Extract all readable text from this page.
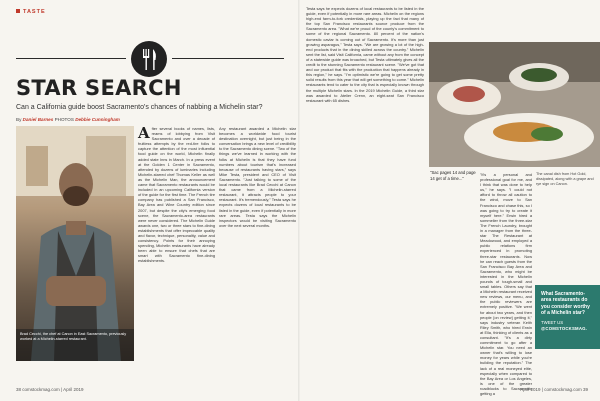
TASTE
STAR SEARCH
Can a California guide boost Sacramento's chances of nabbing a Michelin star?
By Daniel Barnes PHOTOS Debbie Cunningham
Brad Cecchi, the chef at Canon in East Sacramento, previously worked at a Michelin-starred restaurant.
A fter several books of names, lists, reams of lobbying from Visit Sacramento and over a decade of fruitless attempts by the red-tire folks to capture the attention of the most influential food guide on the world, Michelin finally added state Inns in March. In a press event at the Golden 1 Center in Sacramento, attended by dozens of luminaries including Michelin-starred chef Thomas Keller as well as the Michelin Man, the announcement came that Sacramento restaurants would be included in an upcoming California version of the guide for the first time. The French tire company has published a San Francisco, Bay Area and Wine Country edition since 2007, but despite the city's emerging food scene, the Sacramento-area restaurants were never considered. The Michelin Guide awards one, two or three stars to fine-dining establishments that offer impeccable quality and flavor, technique, personality, value and consistency. Points for their annoying spending, Michelin restaurants have already been able to ensure that chefs that are smart with Sacramento fine-dining establishments.
Any restaurant awarded a Michelin star becomes a worldwide food tourist destination overnight, but just being in the conversation brings a new level of credibility to the Sacramento dining scene. "Two of the things we've learned in working with the folks at Michelin is that they have fund numbers about tourism that's increased because of restaurants having stars," says Mike Testa, president and CEO of Visit Sacramento. "Just talking to some of the local restaurants like Brad Cecchi at Canon that came from a Michelin-starred restaurant, it attracts people to your restaurant. It's tremendously," Testa says he expects dozens of local restaurants to be listed in the guide, even if potentially in more rare areas. Testa says the Michelin inspectors would be visiting Sacramento over the next several months.
38 comstockmag.com | April 2019
Testa says he expects dozens of local restaurants to be listed in the guide, even if potentially in more rare areas. Michelin on the regions high-end farm-to-fork credentials, playing up the fact that many of the top San Francisco restaurants source produce from the Sacramento area. "What we're proud of the county's commitment to some of the regional Sacramento. 80 percent of the nation's domestic caviar is coming out of Sacramento. It's more than just growing asparagus," Testa says. "We are growing a lot of the high-end products that in the dining skilled across the country." Michelin sent the list, said Visit California, came without any from the concept of a statewide guide was broached, but Testa ultimately gives all the credit to the stunning Sacramento restaurant scene. "We've got that and our product that fits with the production that happens already in this region," he says. "I'm optimistic we're going to get some pretty solid results from this year that will get something to come." Michelin restaurants tend to cater to the city that is especially known through the multiple Michelin stars. In the 2019 Michelin Guide, a third star was awarded to Atelier Crenn, an eight-seat San Francisco restaurant with 65 dishes.
"Sac pages 14 and page 14 get of a time..."
"It's a personal and professional goal for me, and I think that was done to help us," he says. "I could not afford to throw all caution to the wind, move to San Francisco and chase this, so I was going to try to create it myself here." Erwin hired a sommelier from the three-star The French Laundry, brought in a manager from the three-star The Restaurant at Meadowood, and employed a public relations firm experienced in promoting three-star restaurants. Now he can reach guests from the San Francisco Bay Area and Sacramento, who might be interested in the Michelin pounds of tough-small and small tables. Others say that a Michelin restaurant received new reviews, our menu, and the public reviewers are extremely positive. "We went for about two years, and then people [on review] getting it," says industry veteran Keith Riley Smith, who hired Erwin at Ella, thinking of clients as a consultant. "It's a dirty commitment to go after a Michelin star. You need an owner that's willing to lose money for years while you're building the reputation." The lack of a real moneyed elite, especially when compared to the Bay Area or Los Angeles, is one of the greater roadblocks to Sacramento getting a
The canal dish from Hot Gold, dissipated, along with a grape and rye sign on Canon.
What Sacramento-area restaurants do you consider worthy of a Michelin star?
TWEET US @COMSTOCKSMAG.
April 2019 | comstockmag.com 39
